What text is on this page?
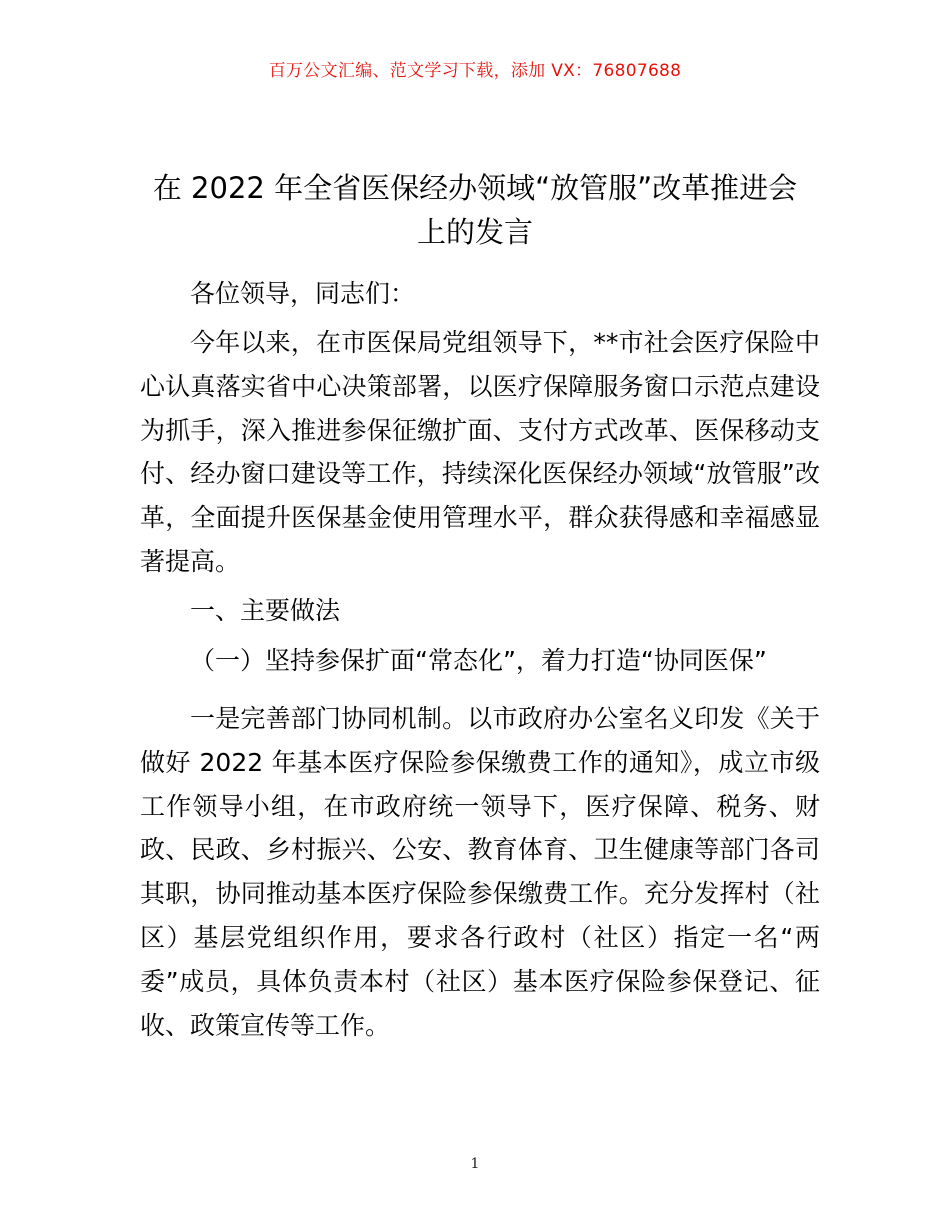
百万公文汇编、范文学习下载，添加 VX：76807688
在 2022 年全省医保经办领域“放管服”改革推进会上的发言

各位领导，同志们：

今年以来，在市医保局党组领导下，**市社会医疗保险中心认真落实省中心决策部署，以医疗保障服务窗口示范点建设为抓手，深入推进参保征缴扩面、支付方式改革、医保移动支付、经办窗口建设等工作，持续深化医保经办领域“放管服”改革，全面提升医保基金使用管理水平，群众获得感和幸福感显著提高。

一、主要做法

（一）坚持参保扩面“常态化”，着力打造“协同医保”

一是完善部门协同机制。以市政府办公室名义印发《关于做好 2022 年基本医疗保险参保缴费工作的通知》，成立市级工作领导小组，在市政府统一领导下，医疗保障、税务、财政、民政、乡村振兴、公安、教育体育、卫生健康等部门各司其职，协同推动基本医疗保险参保缴费工作。充分发挥村（社区）基层党组织作用，要求各行政村（社区）指定一名“两委”成员，具体负责本村（社区）基本医疗保险参保登记、征收、政策宣传等工作。

1
